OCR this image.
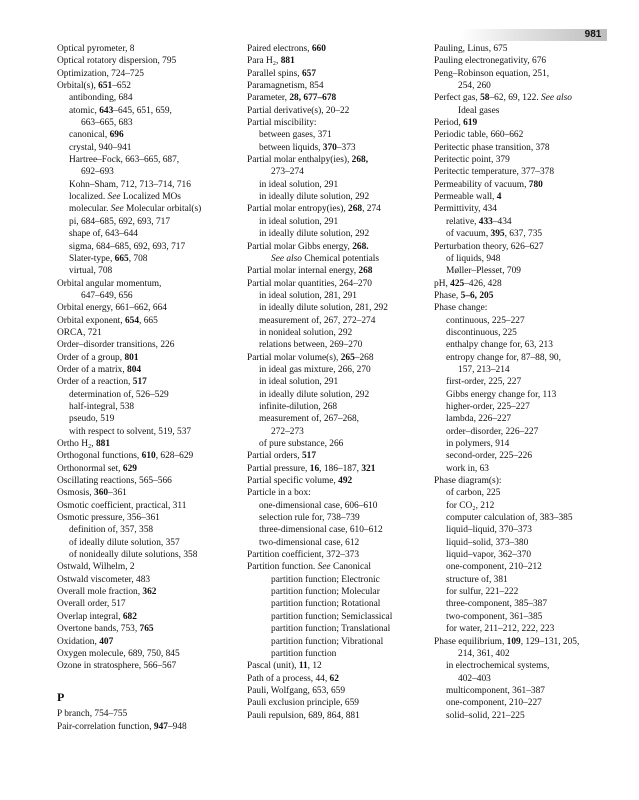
981
Optical pyrometer, 8
Optical rotatory dispersion, 795
Optimization, 724–725
Orbital(s), 651–652
antibonding, 684
atomic, 643–645, 651, 659,
663–665, 683
canonical, 696
crystal, 940–941
Hartree–Fock, 663–665, 687,
692–693
Kohn–Sham, 712, 713–714, 716
localized. See Localized MOs
molecular. See Molecular orbital(s)
pi, 684–685, 692, 693, 717
shape of, 643–644
sigma, 684–685, 692, 693, 717
Slater-type, 665, 708
virtual, 708
Orbital angular momentum,
647–649, 656
Orbital energy, 661–662, 664
Orbital exponent, 654, 665
ORCA, 721
Order–disorder transitions, 226
Order of a group, 801
Order of a matrix, 804
Order of a reaction, 517
determination of, 526–529
half-integral, 538
pseudo, 519
with respect to solvent, 519, 537
Ortho H₂, 881
Orthogonal functions, 610, 628–629
Orthonormal set, 629
Oscillating reactions, 565–566
Osmosis, 360–361
Osmotic coefficient, practical, 311
Osmotic pressure, 356–361
definition of, 357, 358
of ideally dilute solution, 357
of nonideally dilute solutions, 358
Ostwald, Wilhelm, 2
Ostwald viscometer, 483
Overall mole fraction, 362
Overall order, 517
Overlap integral, 682
Overtone bands, 753, 765
Oxidation, 407
Oxygen molecule, 689, 750, 845
Ozone in stratosphere, 566–567
P
P branch, 754–755
Pair-correlation function, 947–948
Paired electrons, 660
Para H₂, 881
Parallel spins, 657
Paramagnetism, 854
Parameter, 28, 677–678
Partial derivative(s), 20–22
Partial miscibility:
between gases, 371
between liquids, 370–373
Partial molar enthalpy(ies), 268,
273–274
in ideal solution, 291
in ideally dilute solution, 292
Partial molar entropy(ies), 268, 274
in ideal solution, 291
in ideally dilute solution, 292
Partial molar Gibbs energy, 268.
See also Chemical potentials
Partial molar internal energy, 268
Partial molar quantities, 264–270
in ideal solution, 281, 291
in ideally dilute solution, 281, 292
measurement of, 267, 272–274
in nonideal solution, 292
relations between, 269–270
Partial molar volume(s), 265–268
in ideal gas mixture, 266, 270
in ideal solution, 291
in ideally dilute solution, 292
infinite-dilution, 268
measurement of, 267–268,
272–273
of pure substance, 266
Partial orders, 517
Partial pressure, 16, 186–187, 321
Partial specific volume, 492
Particle in a box:
one-dimensional case, 606–610
selection rule for, 738–739
three-dimensional case, 610–612
two-dimensional case, 612
Partition coefficient, 372–373
Partition function. See Canonical
partition function; Electronic
partition function; Molecular
partition function; Rotational
partition function; Semiclassical
partition function; Translational
partition function; Vibrational
partition function
Pascal (unit), 11, 12
Path of a process, 44, 62
Pauli, Wolfgang, 653, 659
Pauli exclusion principle, 659
Pauli repulsion, 689, 864, 881
Pauling, Linus, 675
Pauling electronegativity, 676
Peng–Robinson equation, 251,
254, 260
Perfect gas, 58–62, 69, 122. See also
Ideal gases
Period, 619
Periodic table, 660–662
Peritectic phase transition, 378
Peritectic point, 379
Peritectic temperature, 377–378
Permeability of vacuum, 780
Permeable wall, 4
Permittivity, 434
relative, 433–434
of vacuum, 395, 637, 735
Perturbation theory, 626–627
of liquids, 948
Møller–Plesset, 709
pH, 425–426, 428
Phase, 5–6, 205
Phase change:
continuous, 225–227
discontinuous, 225
enthalpy change for, 63, 213
entropy change for, 87–88, 90,
157, 213–214
first-order, 225, 227
Gibbs energy change for, 113
higher-order, 225–227
lambda, 226–227
order–disorder, 226–227
in polymers, 914
second-order, 225–226
work in, 63
Phase diagram(s):
of carbon, 225
for CO₂, 212
computer calculation of, 383–385
liquid–liquid, 370–373
liquid–solid, 373–380
liquid–vapor, 362–370
one-component, 210–212
structure of, 381
for sulfur, 221–222
three-component, 385–387
two-component, 361–385
for water, 211–212, 222, 223
Phase equilibrium, 109, 129–131, 205,
214, 361, 402
in electrochemical systems,
402–403
multicomponent, 361–387
one-component, 210–227
solid–solid, 221–225
